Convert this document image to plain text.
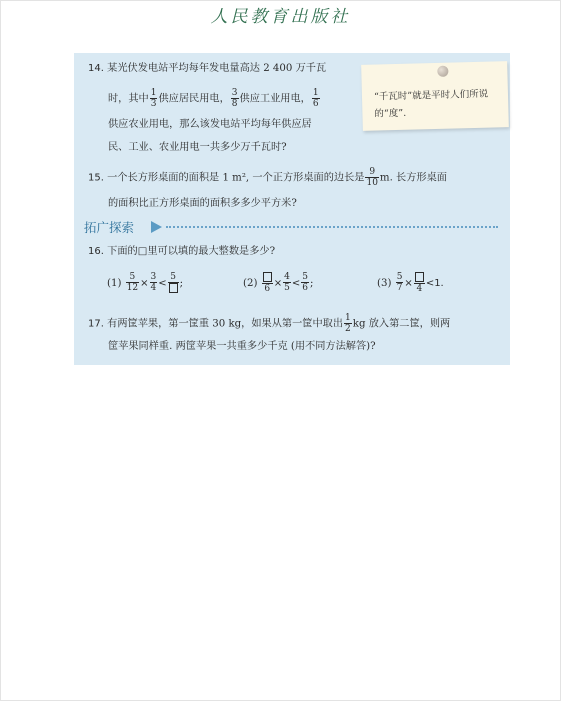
人民教育出版社
14. 某光伏发电站平均每年发电量高达 2 400 万千瓦
时，其中 $\frac{1}{3}$ 供应居民用电， $\frac{3}{8}$ 供应工业用电， $\frac{1}{6}$
供应农业用电，那么该发电站平均每年供应居
民、工业、农业用电一共多少万千瓦时?
“千瓦时”就是平时人们所说的“度”.
15. 一个长方形桌面的面积是 1 m², 一个正方形桌面的边长是 $\frac{9}{10} m$. 长方形桌面
的面积比正方形桌面的面积多多少平方米?
拓广探索
16. 下面的□里可以填的最大整数是多少?
$(1) \frac{5}{12} \times \frac{3}{4}$ <
5
;	(2) $6 \times \frac{4}{5} < \frac{5}{6}$ ;	$(3) \frac{5}{7} \times 4 <1$.
17. 有两筐苹果，第一筐重 30 kg，如果从第一筐中取出 $\frac{1}{2}$ kg 放入第二筐，则两
筐苹果同样重. 两筐苹果一共重多少千克 (用不同方法解答)?
